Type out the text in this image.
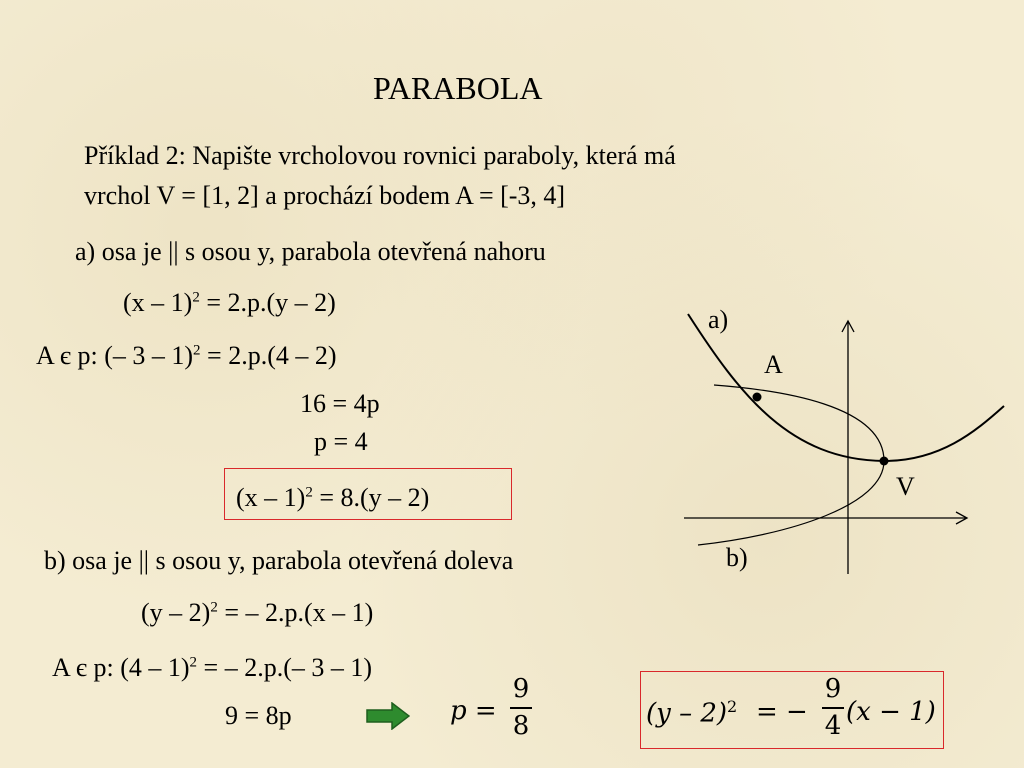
PARABOLA
Příklad 2: Napište vrcholovou rovnici paraboly, která má
vrchol V = [1, 2] a prochází bodem A = [-3, 4]
a) osa je || s osou y, parabola otevřená nahoru
(x – 1)$^2$ = 2.p.(y – 2)
A є p: (– 3 – 1)$^2$ = 2.p.(4 – 2)
16 = 4p
p = 4
(x – 1)$^2$ = 8.(y – 2)
b) osa je || s osou y, parabola otevřená doleva
(y – 2)$^2$ = – 2.p.(x – 1)
A є p: (4 – 1)$^2$ = – 2.p.(– 3 – 1)
9 = 8p	p =
9
8	(y – 2)$^2$ = −
9
4 (x − 1)
a)
A
V
b)
